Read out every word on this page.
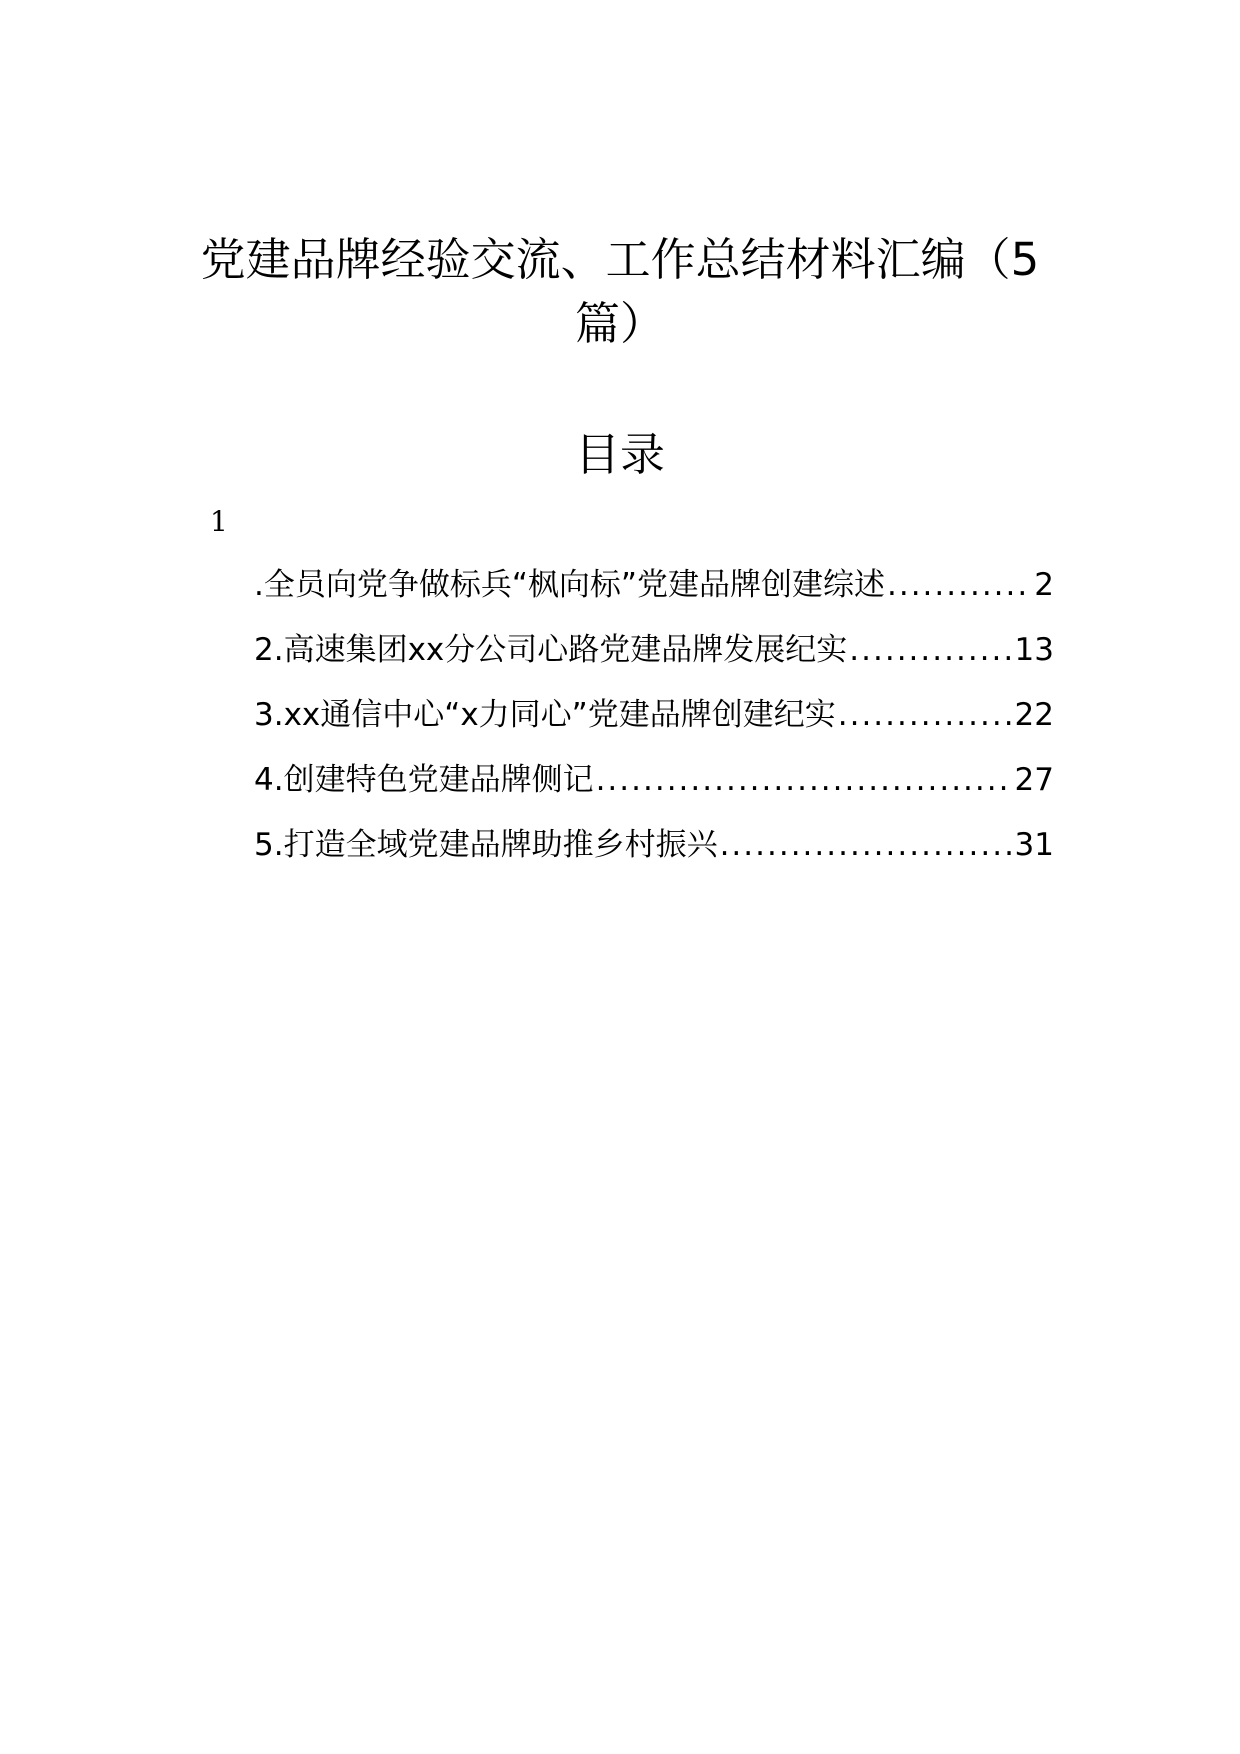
党建品牌经验交流、工作总结材料汇编（5篇）
目录
1
.全员向党争做标兵“枫向标”党建品牌创建综述 .....	2
2.高速集团xx分公司心路党建品牌发展纪实 .....	13
3.xx通信中心“x力同心”党建品牌创建纪实 .....	22
4.创建特色党建品牌侧记 .....	27
5.打造全域党建品牌助推乡村振兴 .....	31
